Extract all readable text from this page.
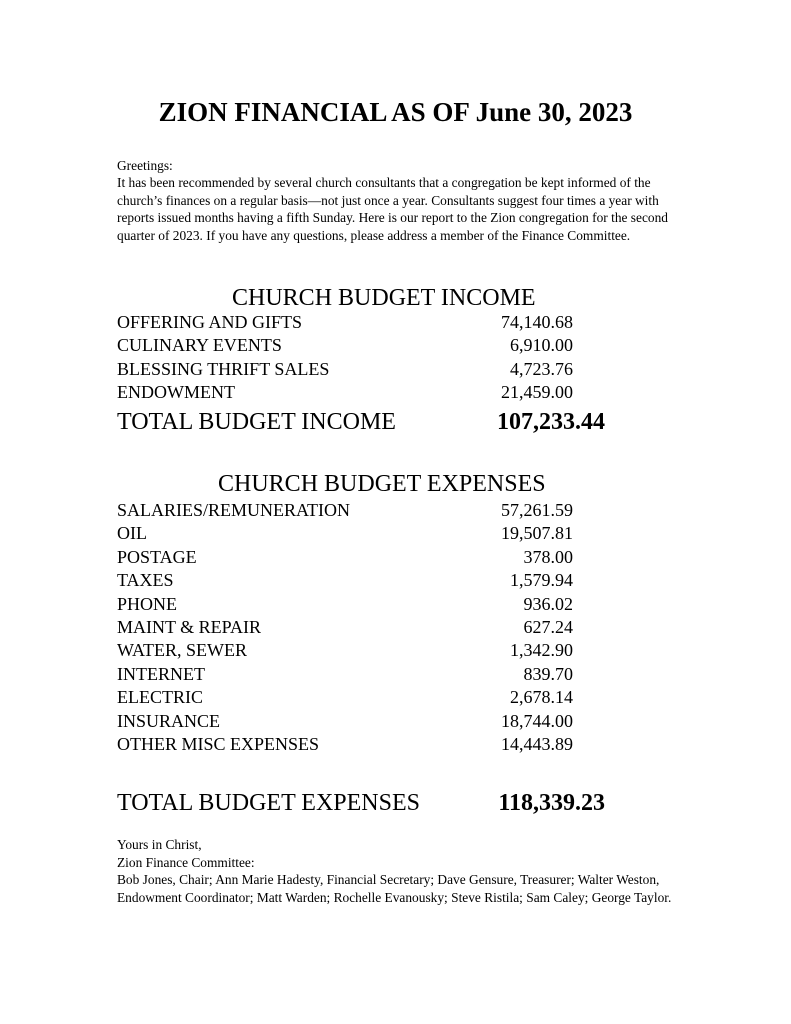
ZION FINANCIAL AS OF June 30, 2023

Greetings:

It has been recommended by several church consultants that a congregation be kept informed of the church’s finances on a regular basis—not just once a year. Consultants suggest four times a year with reports issued months having a fifth Sunday. Here is our report to the Zion congregation for the second quarter of 2023. If you have any questions, please address a member of the Finance Committee.

CHURCH BUDGET INCOME
OFFERING AND GIFTS	74,140.68
CULINARY EVENTS	6,910.00
BLESSING THRIFT SALES	4,723.76
ENDOWMENT	21,459.00
TOTAL BUDGET INCOME	107,233.44
CHURCH BUDGET EXPENSES
SALARIES/REMUNERATION	57,261.59
OIL	19,507.81
POSTAGE	378.00
TAXES	1,579.94
PHONE	936.02
MAINT & REPAIR	627.24
WATER, SEWER	1,342.90
INTERNET	839.70
ELECTRIC	2,678.14
INSURANCE	18,744.00
OTHER MISC EXPENSES	14,443.89
TOTAL BUDGET EXPENSES	118,339.23

Yours in Christ,

Zion Finance Committee:

Bob Jones, Chair; Ann Marie Hadesty, Financial Secretary; Dave Gensure, Treasurer; Walter Weston, Endowment Coordinator; Matt Warden; Rochelle Evanousky; Steve Ristila; Sam Caley; George Taylor.
